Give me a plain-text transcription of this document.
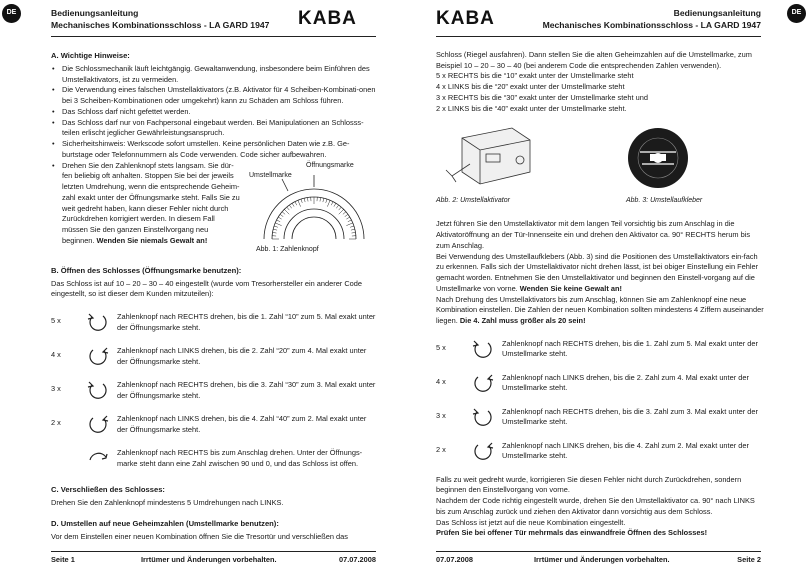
DE	Bedienungsanleitung
Mechanisches Kombinationsschloss - LA GARD 1947 KABA
A. Wichtige Hinweise:
• Die Schlossmechanik läuft leichtgängig. Gewaltanwendung, insbesondere beim Einführen des Umstellaktivators, ist zu vermeiden.
• Die Verwendung eines falschen Umstellaktivators (z.B. Aktivator für 4 Scheiben-Kombinati-onen bei 3 Scheiben-Kombinationen oder umgekehrt) kann zu Schäden am Schloss führen.
• Das Schloss darf nicht gefettet werden.
• Das Schloss darf nur von Fachpersonal eingebaut werden. Bei Manipulationen an Schlosss-teilen erlischt jeglicher Gewährleistungsanspruch.
• Sicherheitshinweis: Werkscode sofort umstellen. Keine persönlichen Daten wie z.B. Ge-burtstage oder Telefonnummern als Code verwenden. Code sicher aufbewahren.
• Drehen Sie den Zahlenknopf stets langsam. Sie dür-fen beliebig oft anhalten. Stoppen Sie bei der jeweils letzten Umdrehung, wenn die entsprechende Geheim-zahl exakt unter der Öffnungsmarke steht. Falls Sie zu weit gedreht haben, kann dieser Fehler nicht durch Zurückdrehen korrigiert werden. In diesem Fall müssen Sie den ganzen Einstellvorgang neu beginnen. Wenden Sie niemals Gewalt an!
Öffnungsmarke
Umstellmarke
Abb. 1: Zahlenknopf
B. Öffnen des Schlosses (Öffnungsmarke benutzen):

Das Schloss ist auf 10 – 20 – 30 – 40 eingestellt (wurde vom Tresorhersteller ein anderer Code eingestellt, so ist dieser dem Kunden mitzuteilen):

5 x	Zahlenknopf nach RECHTS drehen, bis die 1. Zahl “10” zum 5. Mal exakt unter der Öffnungsmarke steht.
4 x	Zahlenknopf nach LINKS drehen, bis die 2. Zahl “20” zum 4. Mal exakt unter der Öffnungsmarke steht.
3 x	Zahlenknopf nach RECHTS drehen, bis die 3. Zahl “30” zum 3. Mal exakt unter der Öffnungsmarke steht.
2 x	Zahlenknopf nach LINKS drehen, bis die 4. Zahl “40” zum 2. Mal exakt unter der Öffnungsmarke steht.
Zahlenknopf nach RECHTS bis zum Anschlag drehen. Unter der Öffnungs-marke steht dann eine Zahl zwischen 90 und 0, und das Schloss ist offen.
C. Verschließen des Schlosses:

Drehen Sie den Zahlenknopf mindestens 5 Umdrehungen nach LINKS.

D. Umstellen auf neue Geheimzahlen (Umstellmarke benutzen):

Vor dem Einstellen einer neuen Kombination öffnen Sie die Tresortür und verschließen das

Seite 1	Irrtümer und Änderungen vorbehalten.	07.07.2008
KABA	Bedienungsanleitung
Mechanisches Kombinationsschloss - LA GARD 1947
DE

Schloss (Riegel ausfahren). Dann stellen Sie die alten Geheimzahlen auf die Umstellmarke, zum Beispiel 10 – 20 – 30 – 40 (bei anderem Code die entsprechenden Zahlen verwenden).

5 x RECHTS bis die “10” exakt unter der Umstellmarke steht

4 x LINKS bis die “20” exakt unter der Umstellmarke steht

3 x RECHTS bis die “30” exakt unter der Umstellmarke steht und

2 x LINKS bis die “40” exakt unter der Umstellmarke steht.

Abb. 2: Umstellaktivator	Abb. 3: Umstellaufkleber

Jetzt führen Sie den Umstellaktivator mit dem langen Teil vorsichtig bis zum Anschlag in die Aktivatoröffnung an der Tür-Innenseite ein und drehen den Aktivator ca. 90° RECHTS herum bis zum Anschlag.

Bei Verwendung des Umstellaufklebers (Abb. 3) sind die Positionen des Umstellaktivators ein-fach zu erkennen. Falls sich der Umstellaktivator nicht drehen lässt, ist bei obiger Einstellung ein Fehler gemacht worden. Entnehmen Sie den Umstellaktivator und beginnen den Einstell-vorgang auf die Umstellmarke von vorne. Wenden Sie keine Gewalt an!

Nach Drehung des Umstellaktivators bis zum Anschlag, können Sie am Zahlenknopf eine neue Kombination einstellen. Die Zahlen der neuen Kombination sollten mindestens 4 Ziffern auseinander liegen. Die 4. Zahl muss größer als 20 sein!

5 x	Zahlenknopf nach RECHTS drehen, bis die 1. Zahl zum 5. Mal exakt unter der Umstellmarke steht.
4 x	Zahlenknopf nach LINKS drehen, bis die 2. Zahl zum 4. Mal exakt unter der Umstellmarke steht.
3 x	Zahlenknopf nach RECHTS drehen, bis die 3. Zahl zum 3. Mal exakt unter der Umstellmarke steht.
2 x	Zahlenknopf nach LINKS drehen, bis die 4. Zahl zum 2. Mal exakt unter der Umstellmarke steht.

Falls zu weit gedreht wurde, korrigieren Sie diesen Fehler nicht durch Zurückdrehen, sondern beginnen den Einstellvorgang von vorne.

Nachdem der Code richtig eingestellt wurde, drehen Sie den Umstellaktivator ca. 90° nach LINKS bis zum Anschlag zurück und ziehen den Aktivator dann vorsichtig aus dem Schloss.

Das Schloss ist jetzt auf die neue Kombination eingestellt.

Prüfen Sie bei offener Tür mehrmals das einwandfreie Öffnen des Schlosses!

07.07.2008	Irrtümer und Änderungen vorbehalten.	Seite 2
